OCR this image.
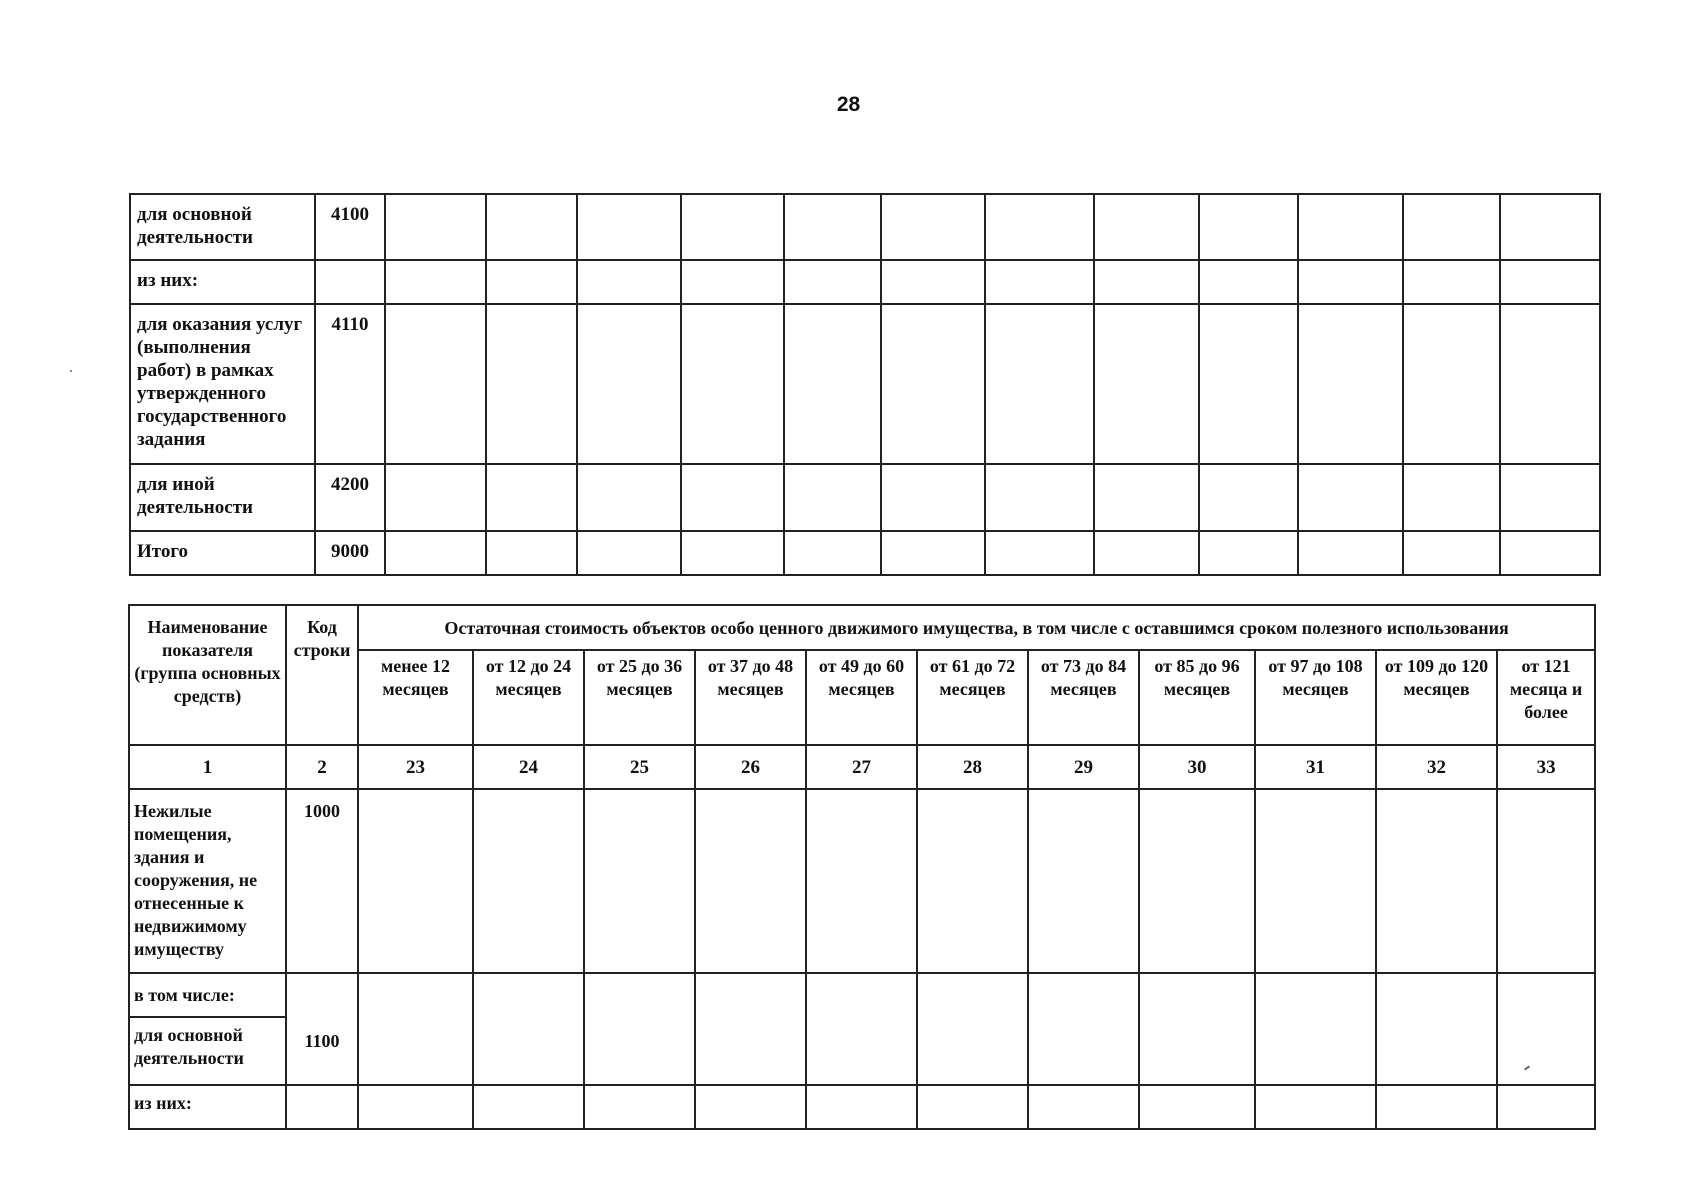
28
для основной деятельности	4100												
из них:													
для оказания услуг (выполнения работ) в рамках утвержденного государственного задания	4110												
для иной деятельности	4200												
Итого	9000												
Наименование показателя (группа основных средств)	Код строки	Остаточная стоимость объектов особо ценного движимого имущества, в том числе с оставшимся сроком полезного использования										
		менее 12 месяцев	от 12 до 24 месяцев	от 25 до 36 месяцев	от 37 до 48 месяцев	от 49 до 60 месяцев	от 61 до 72 месяцев	от 73 до 84 месяцев	от 85 до 96 месяцев	от 97 до 108 месяцев	от 109 до 120 месяцев	от 121 месяца и более
1	2	23	24	25	26	27	28	29	30	31	32	33
Нежилые помещения, здания и сооружения, не отнесенные к недвижимому имуществу	1000											
в том числе:	1100											
для основной деятельности												
из них:												
